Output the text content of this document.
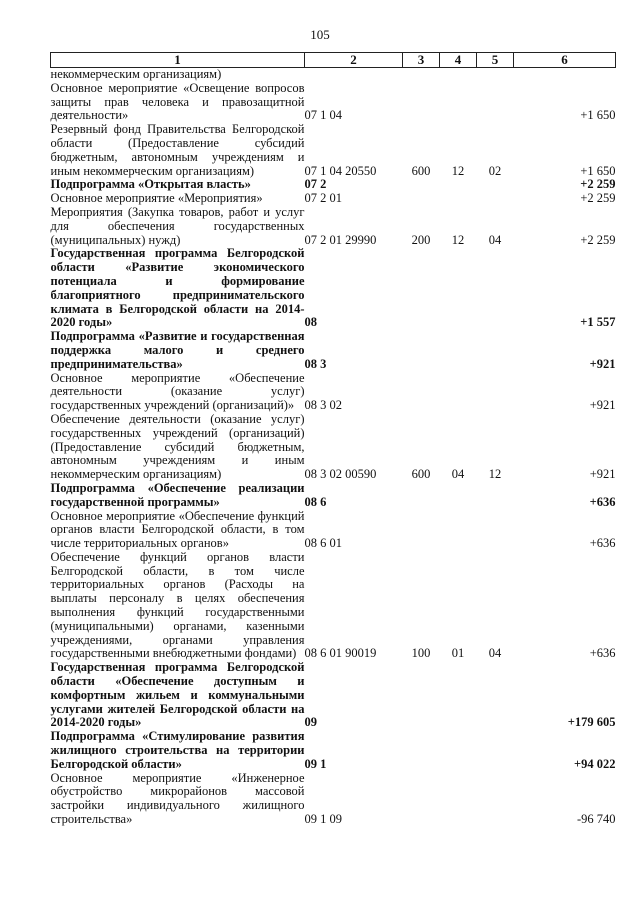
105
1	2	3	4	5	6
некоммерческим организациям)					
Основное мероприятие «Освещение вопросов защиты прав человека и правозащитной деятельности»	07 1 04				+1 650
Резервный фонд Правительства Белгородской области (Предоставление субсидий бюджетным, автономным учреждениям и иным некоммерческим организациям)	07 1 04 20550	600	12	02	+1 650
Подпрограмма «Открытая власть»	07 2				+2 259
Основное мероприятие «Мероприятия»	07 2 01				+2 259
Мероприятия (Закупка товаров, работ и услуг для обеспечения государственных (муниципальных) нужд)	07 2 01 29990	200	12	04	+2 259
Государственная программа Белгородской области «Развитие экономического потенциала и формирование благоприятного предпринимательского климата в Белгородской области на 2014-2020 годы»	08				+1 557
Подпрограмма «Развитие и государственная поддержка малого и среднего предпринимательства»	08 3				+921
Основное мероприятие «Обеспечение деятельности (оказание услуг) государственных учреждений (организаций)»	08 3 02				+921
Обеспечение деятельности (оказание услуг) государственных учреждений (организаций) (Предоставление субсидий бюджетным, автономным учреждениям и иным некоммерческим организациям)	08 3 02 00590	600	04	12	+921
Подпрограмма «Обеспечение реализации государственной программы»	08 6				+636
Основное мероприятие «Обеспечение функций органов власти Белгородской области, в том числе территориальных органов»	08 6 01				+636
Обеспечение функций органов власти Белгородской области, в том числе территориальных органов (Расходы на выплаты персоналу в целях обеспечения выполнения функций государственными (муниципальными) органами, казенными учреждениями, органами управления государственными внебюджетными фондами)	08 6 01 90019	100	01	04	+636
Государственная программа Белгородской области «Обеспечение доступным и комфортным жильем и коммунальными услугами жителей Белгородской области на 2014-2020 годы»	09				+179 605
Подпрограмма «Стимулирование развития жилищного строительства на территории Белгородской области»	09 1				+94 022
Основное мероприятие «Инженерное обустройство микрорайонов массовой застройки индивидуального жилищного строительства»	09 1 09				-96 740
